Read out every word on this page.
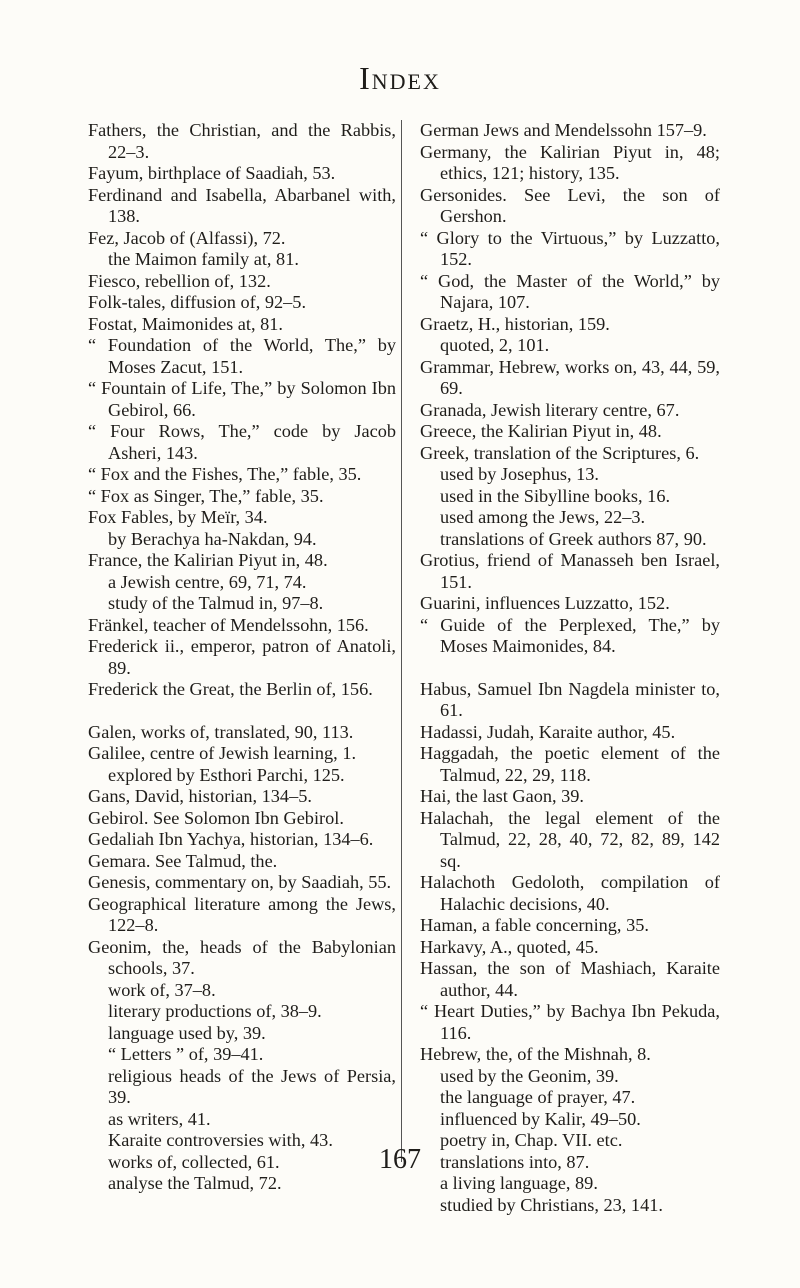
Index
Fathers, the Christian, and the Rabbis, 22–3.
Fayum, birthplace of Saadiah, 53.
Ferdinand and Isabella, Abarbanel with, 138.
Fez, Jacob of (Alfassi), 72.
the Maimon family at, 81.
Fiesco, rebellion of, 132.
Folk-tales, diffusion of, 92–5.
Fostat, Maimonides at, 81.
“ Foundation of the World, The,” by Moses Zacut, 151.
“ Fountain of Life, The,” by Solomon Ibn Gebirol, 66.
“ Four Rows, The,” code by Jacob Asheri, 143.
“ Fox and the Fishes, The,” fable, 35.
“ Fox as Singer, The,” fable, 35.
Fox Fables, by Meïr, 34.
by Berachya ha-Nakdan, 94.
France, the Kalirian Piyut in, 48.
a Jewish centre, 69, 71, 74.
study of the Talmud in, 97–8.
Fränkel, teacher of Mendelssohn, 156.
Frederick ii., emperor, patron of Anatoli, 89.
Frederick the Great, the Berlin of, 156.
Galen, works of, translated, 90, 113.
Galilee, centre of Jewish learning, 1.
explored by Esthori Parchi, 125.
Gans, David, historian, 134–5.
Gebirol. See Solomon Ibn Gebirol.
Gedaliah Ibn Yachya, historian, 134–6.
Gemara. See Talmud, the.
Genesis, commentary on, by Saadiah, 55.
Geographical literature among the Jews, 122–8.
Geonim, the, heads of the Babylonian schools, 37.
work of, 37–8.
literary productions of, 38–9.
language used by, 39.
“ Letters ” of, 39–41.
religious heads of the Jews of Persia, 39.
as writers, 41.
Karaite controversies with, 43.
works of, collected, 61.
analyse the Talmud, 72.
German Jews and Mendelssohn 157–9.
Germany, the Kalirian Piyut in, 48; ethics, 121; history, 135.
Gersonides. See Levi, the son of Gershon.
“ Glory to the Virtuous,” by Luzzatto, 152.
“ God, the Master of the World,” by Najara, 107.
Graetz, H., historian, 159.
quoted, 2, 101.
Grammar, Hebrew, works on, 43, 44, 59, 69.
Granada, Jewish literary centre, 67.
Greece, the Kalirian Piyut in, 48.
Greek, translation of the Scriptures, 6.
used by Josephus, 13.
used in the Sibylline books, 16.
used among the Jews, 22–3.
translations of Greek authors 87, 90.
Grotius, friend of Manasseh ben Israel, 151.
Guarini, influences Luzzatto, 152.
“ Guide of the Perplexed, The,” by Moses Maimonides, 84.
Habus, Samuel Ibn Nagdela minister to, 61.
Hadassi, Judah, Karaite author, 45.
Haggadah, the poetic element of the Talmud, 22, 29, 118.
Hai, the last Gaon, 39.
Halachah, the legal element of the Talmud, 22, 28, 40, 72, 82, 89, 142 sq.
Halachoth Gedoloth, compilation of Halachic decisions, 40.
Haman, a fable concerning, 35.
Harkavy, A., quoted, 45.
Hassan, the son of Mashiach, Karaite author, 44.
“ Heart Duties,” by Bachya Ibn Pekuda, 116.
Hebrew, the, of the Mishnah, 8.
used by the Geonim, 39.
the language of prayer, 47.
influenced by Kalir, 49–50.
poetry in, Chap. VII. etc.
translations into, 87.
a living language, 89.
studied by Christians, 23, 141.
167
